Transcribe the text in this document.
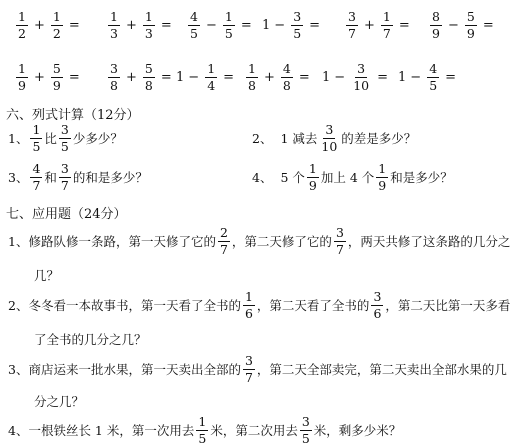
$\frac{1}{2} + \frac{1}{2} = \frac{1}{3} + \frac{1}{3} = \frac{4}{5} - \frac{1}{5} = 1 - \frac{3}{5} = \frac{3}{7} + \frac{1}{7} = \frac{8}{9} - \frac{5}{9}$ =
$\frac{1}{9} + \frac{5}{9} = \frac{3}{8} + \frac{5}{8} = 1 - \frac{1}{4} = \frac{1}{8} + \frac{4}{8} = 1 - \frac{3}{10} = 1 - \frac{4}{5}$ =
六、列式计算（12分）
1、 $\frac{1}{5}$ 比 $\frac{3}{5}$ 少多少？	2、 1 减去 $\frac{3}{10}$ 的差是多少？
3、 $\frac{4}{7}$ 和 $\frac{3}{7}$ 的和是多少？	4、 5 个 $\frac{1}{9}$ 加上 4 个 $\frac{1}{9}$ 和是多少？
七、应用题（24分）
1、修路队修一条路，第一天修了它的 $\frac{2}{7}$ ，第二天修了它的 $\frac{3}{7}$ ，两天共修了这条路的几分之
几？
2、冬冬看一本故事书，第一天看了全书的 $\frac{1}{6}$ ，第二天看了全书的 $\frac{3}{6}$ ，第二天比第一天多看
了全书的几分之几？
3、商店运来一批水果，第一天卖出全部的 $\frac{3}{7}$ ，第二天全部卖完，第二天卖出全部水果的几
分之几？
4、一根铁丝长 1 米，第一次用去 $\frac{1}{5}$ 米，第二次用去 $\frac{3}{5}$ 米，剩多少米？
